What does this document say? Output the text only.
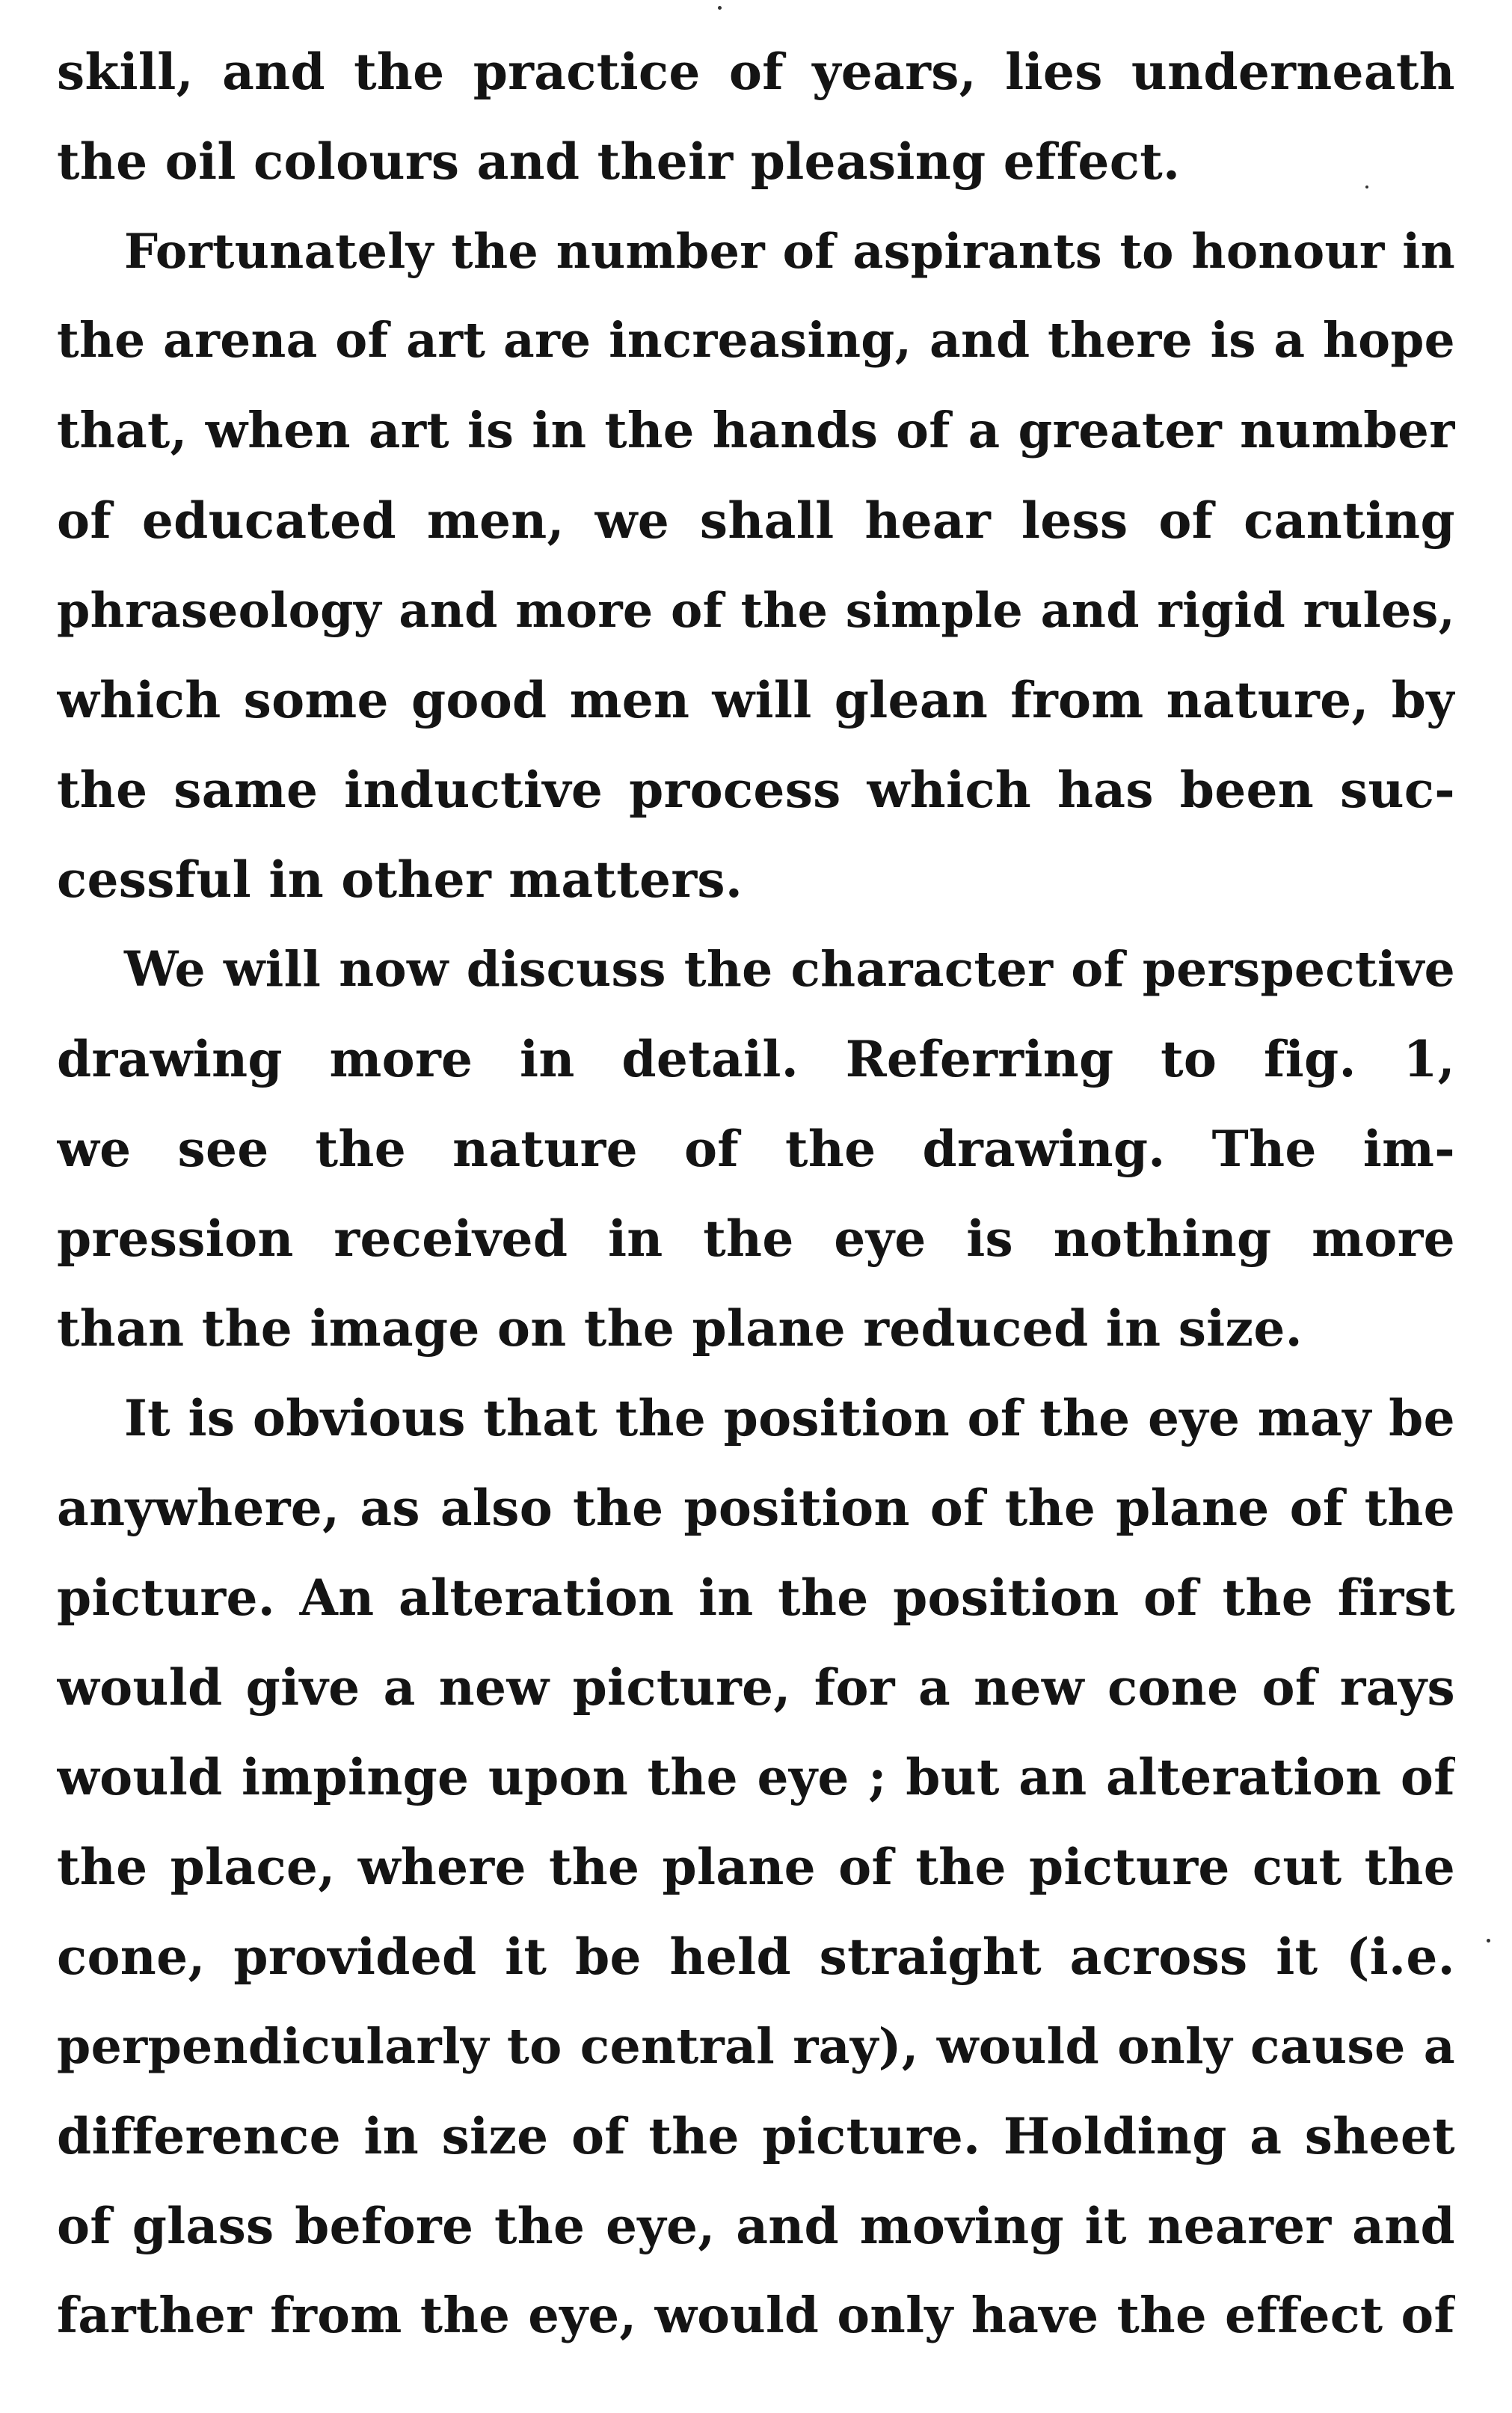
skill, and the practice of years, lies underneath
the oil colours and their pleasing effect.
Fortunately the number of aspirants to honour in
the arena of art are increasing, and there is a hope
that, when art is in the hands of a greater number
of educated men, we shall hear less of canting
phraseology and more of the simple and rigid rules,
which some good men will glean from nature, by
the same inductive process which has been suc-
cessful in other matters.
We will now discuss the character of perspective
drawing more in detail. Referring to fig. 1,
we see the nature of the drawing. The im-
pression received in the eye is nothing more
than the image on the plane reduced in size.
It is obvious that the position of the eye may be
anywhere, as also the position of the plane of the
picture. An alteration in the position of the first
would give a new picture, for a new cone of rays
would impinge upon the eye ; but an alteration of
the place, where the plane of the picture cut the
cone, provided it be held straight across it (i.e.
perpendicularly to central ray), would only cause a
difference in size of the picture. Holding a sheet
of glass before the eye, and moving it nearer and
farther from the eye, would only have the effect of
